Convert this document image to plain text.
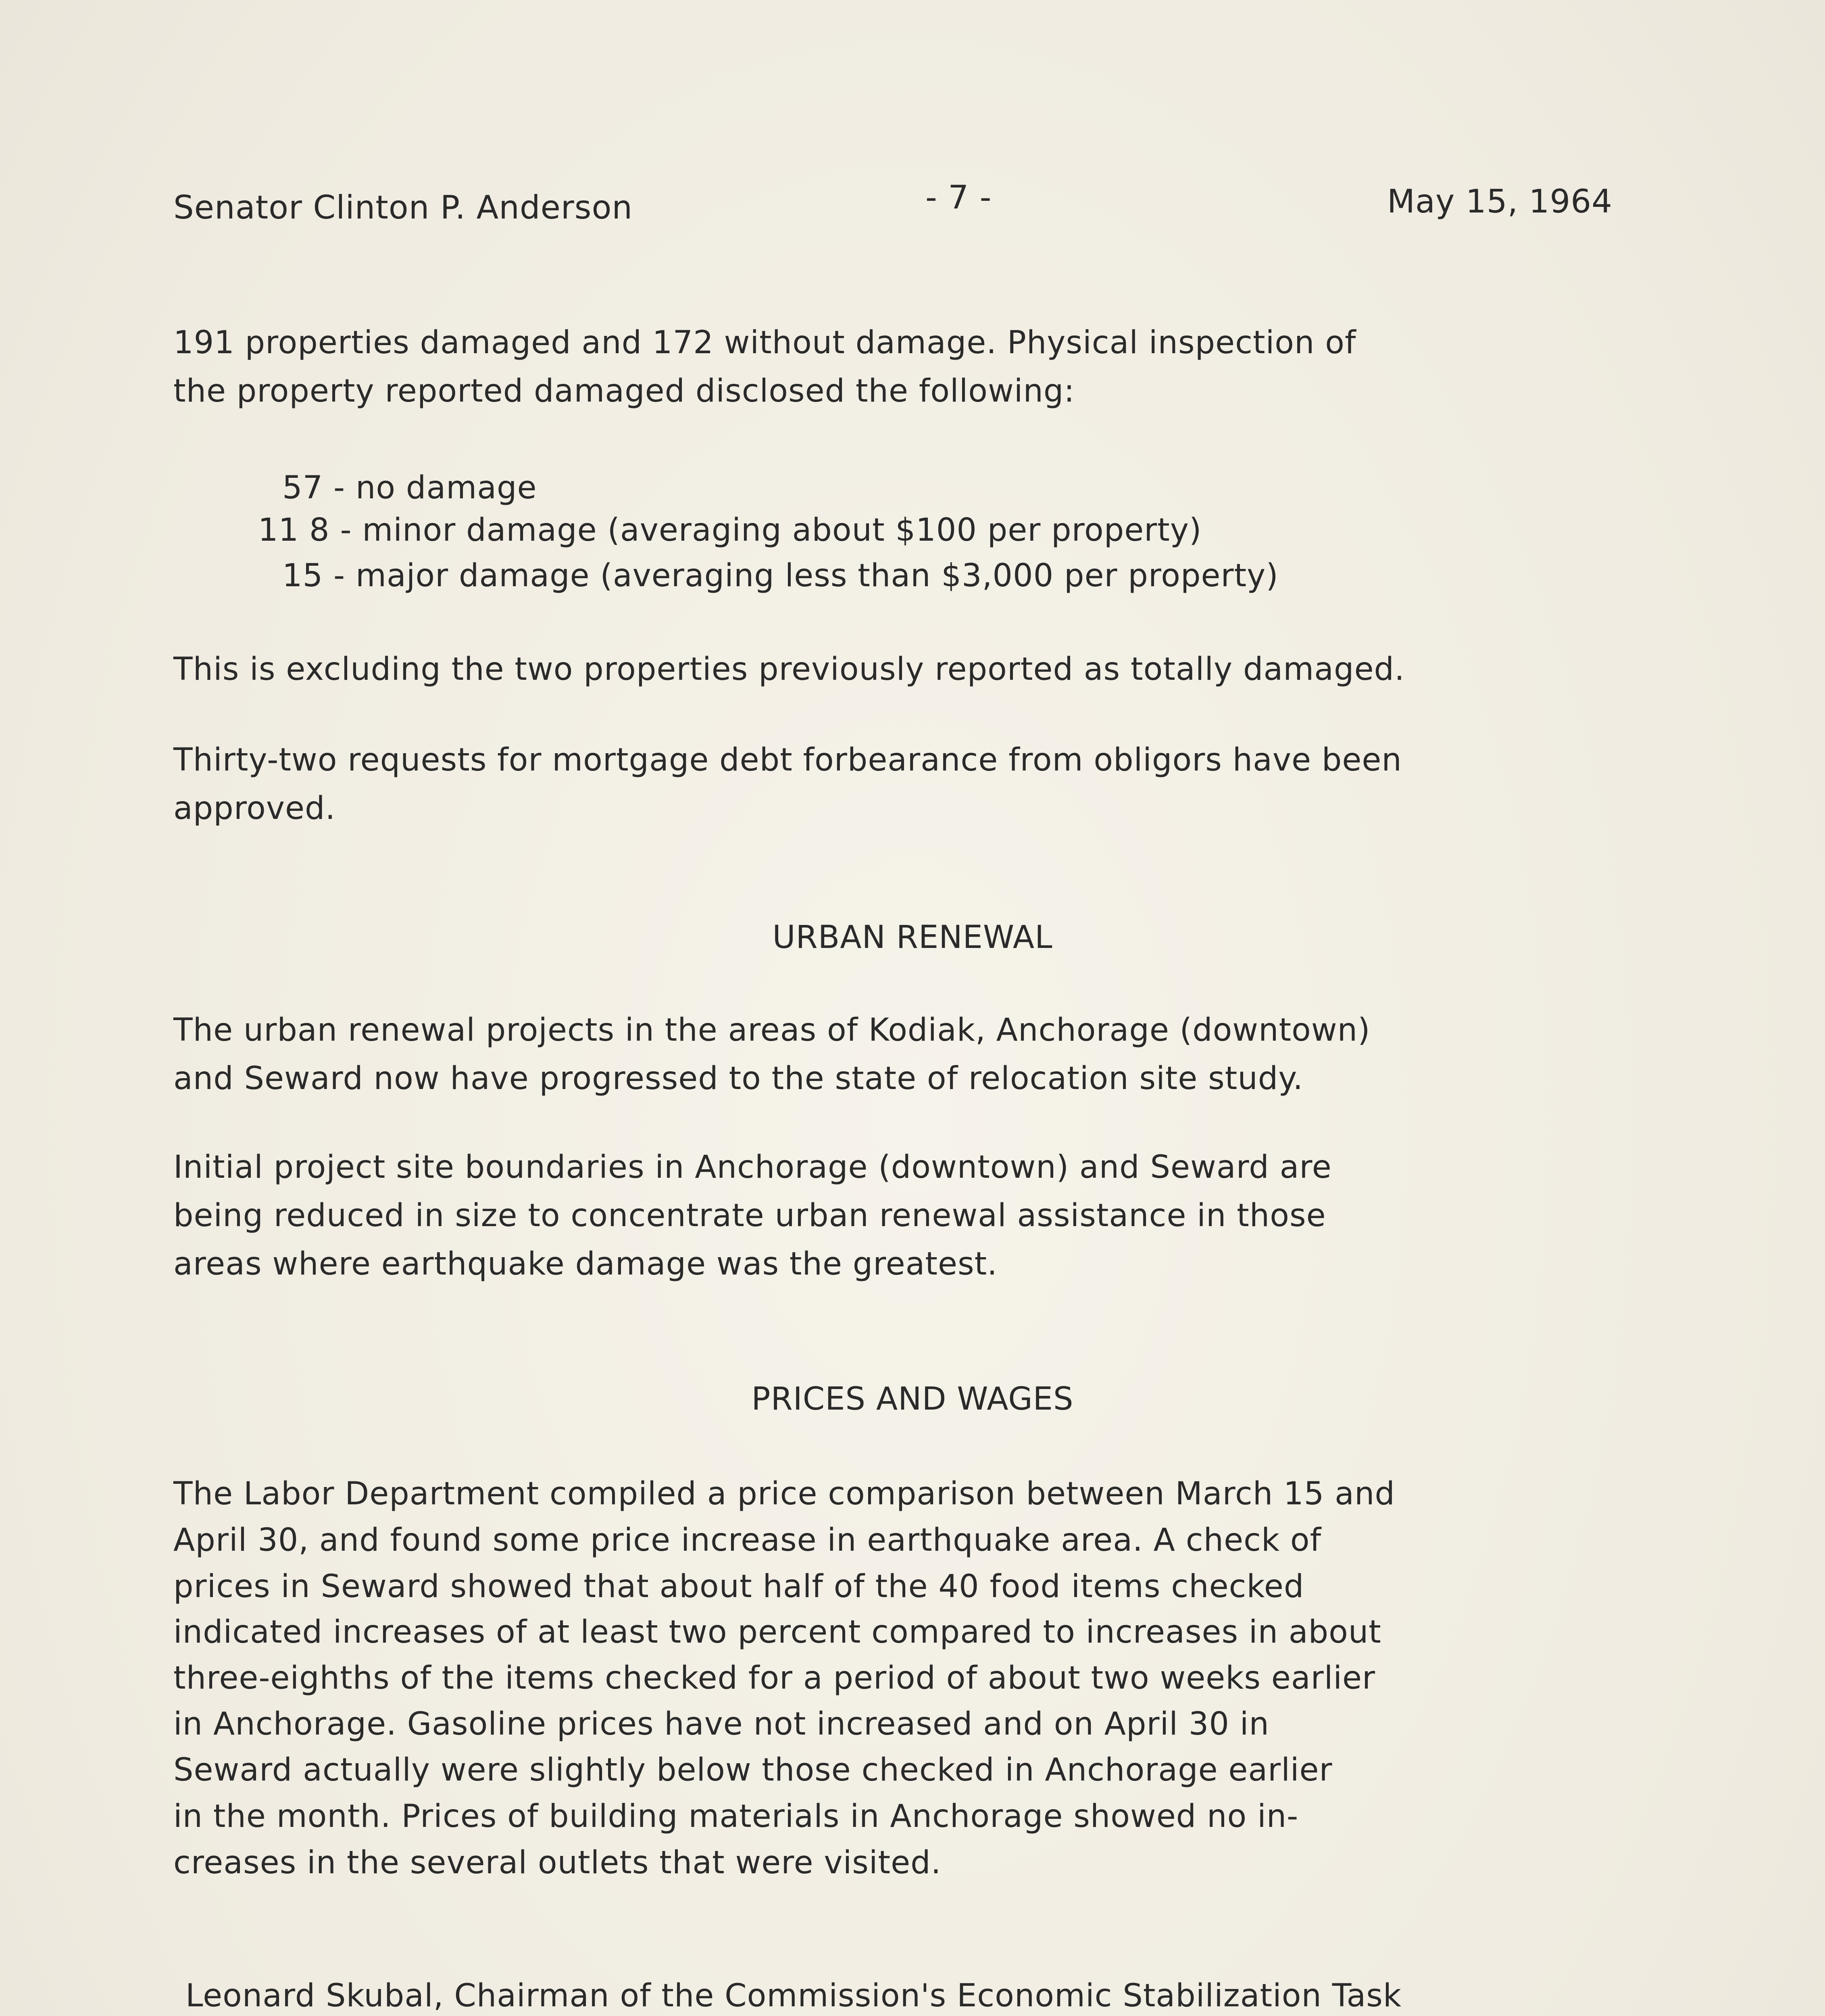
Senator Clinton P. Anderson	- 7 -	May 15, 1964
191 properties damaged and 172 without damage. Physical inspection of
the property reported damaged disclosed the following:
57 - no damage
11 8 - minor damage (averaging about $100 per property)
15 - major damage (averaging less than $3,000 per property)
This is excluding the two properties previously reported as totally damaged.
Thirty-two requests for mortgage debt forbearance from obligors have been
approved.
URBAN RENEWAL
The urban renewal projects in the areas of Kodiak, Anchorage (downtown)
and Seward now have progressed to the state of relocation site study.
Initial project site boundaries in Anchorage (downtown) and Seward are
being reduced in size to concentrate urban renewal assistance in those
areas where earthquake damage was the greatest.
PRICES AND WAGES
The Labor Department compiled a price comparison between March 15 and
April 30, and found some price increase in earthquake area. A check of
prices in Seward showed that about half of the 40 food items checked
indicated increases of at least two percent compared to increases in about
three-eighths of the items checked for a period of about two weeks earlier
in Anchorage. Gasoline prices have not increased and on April 30 in
Seward actually were slightly below those checked in Anchorage earlier
in the month. Prices of building materials in Anchorage showed no in-
creases in the several outlets that were visited.
Leonard Skubal, Chairman of the Commission's Economic Stabilization Task
